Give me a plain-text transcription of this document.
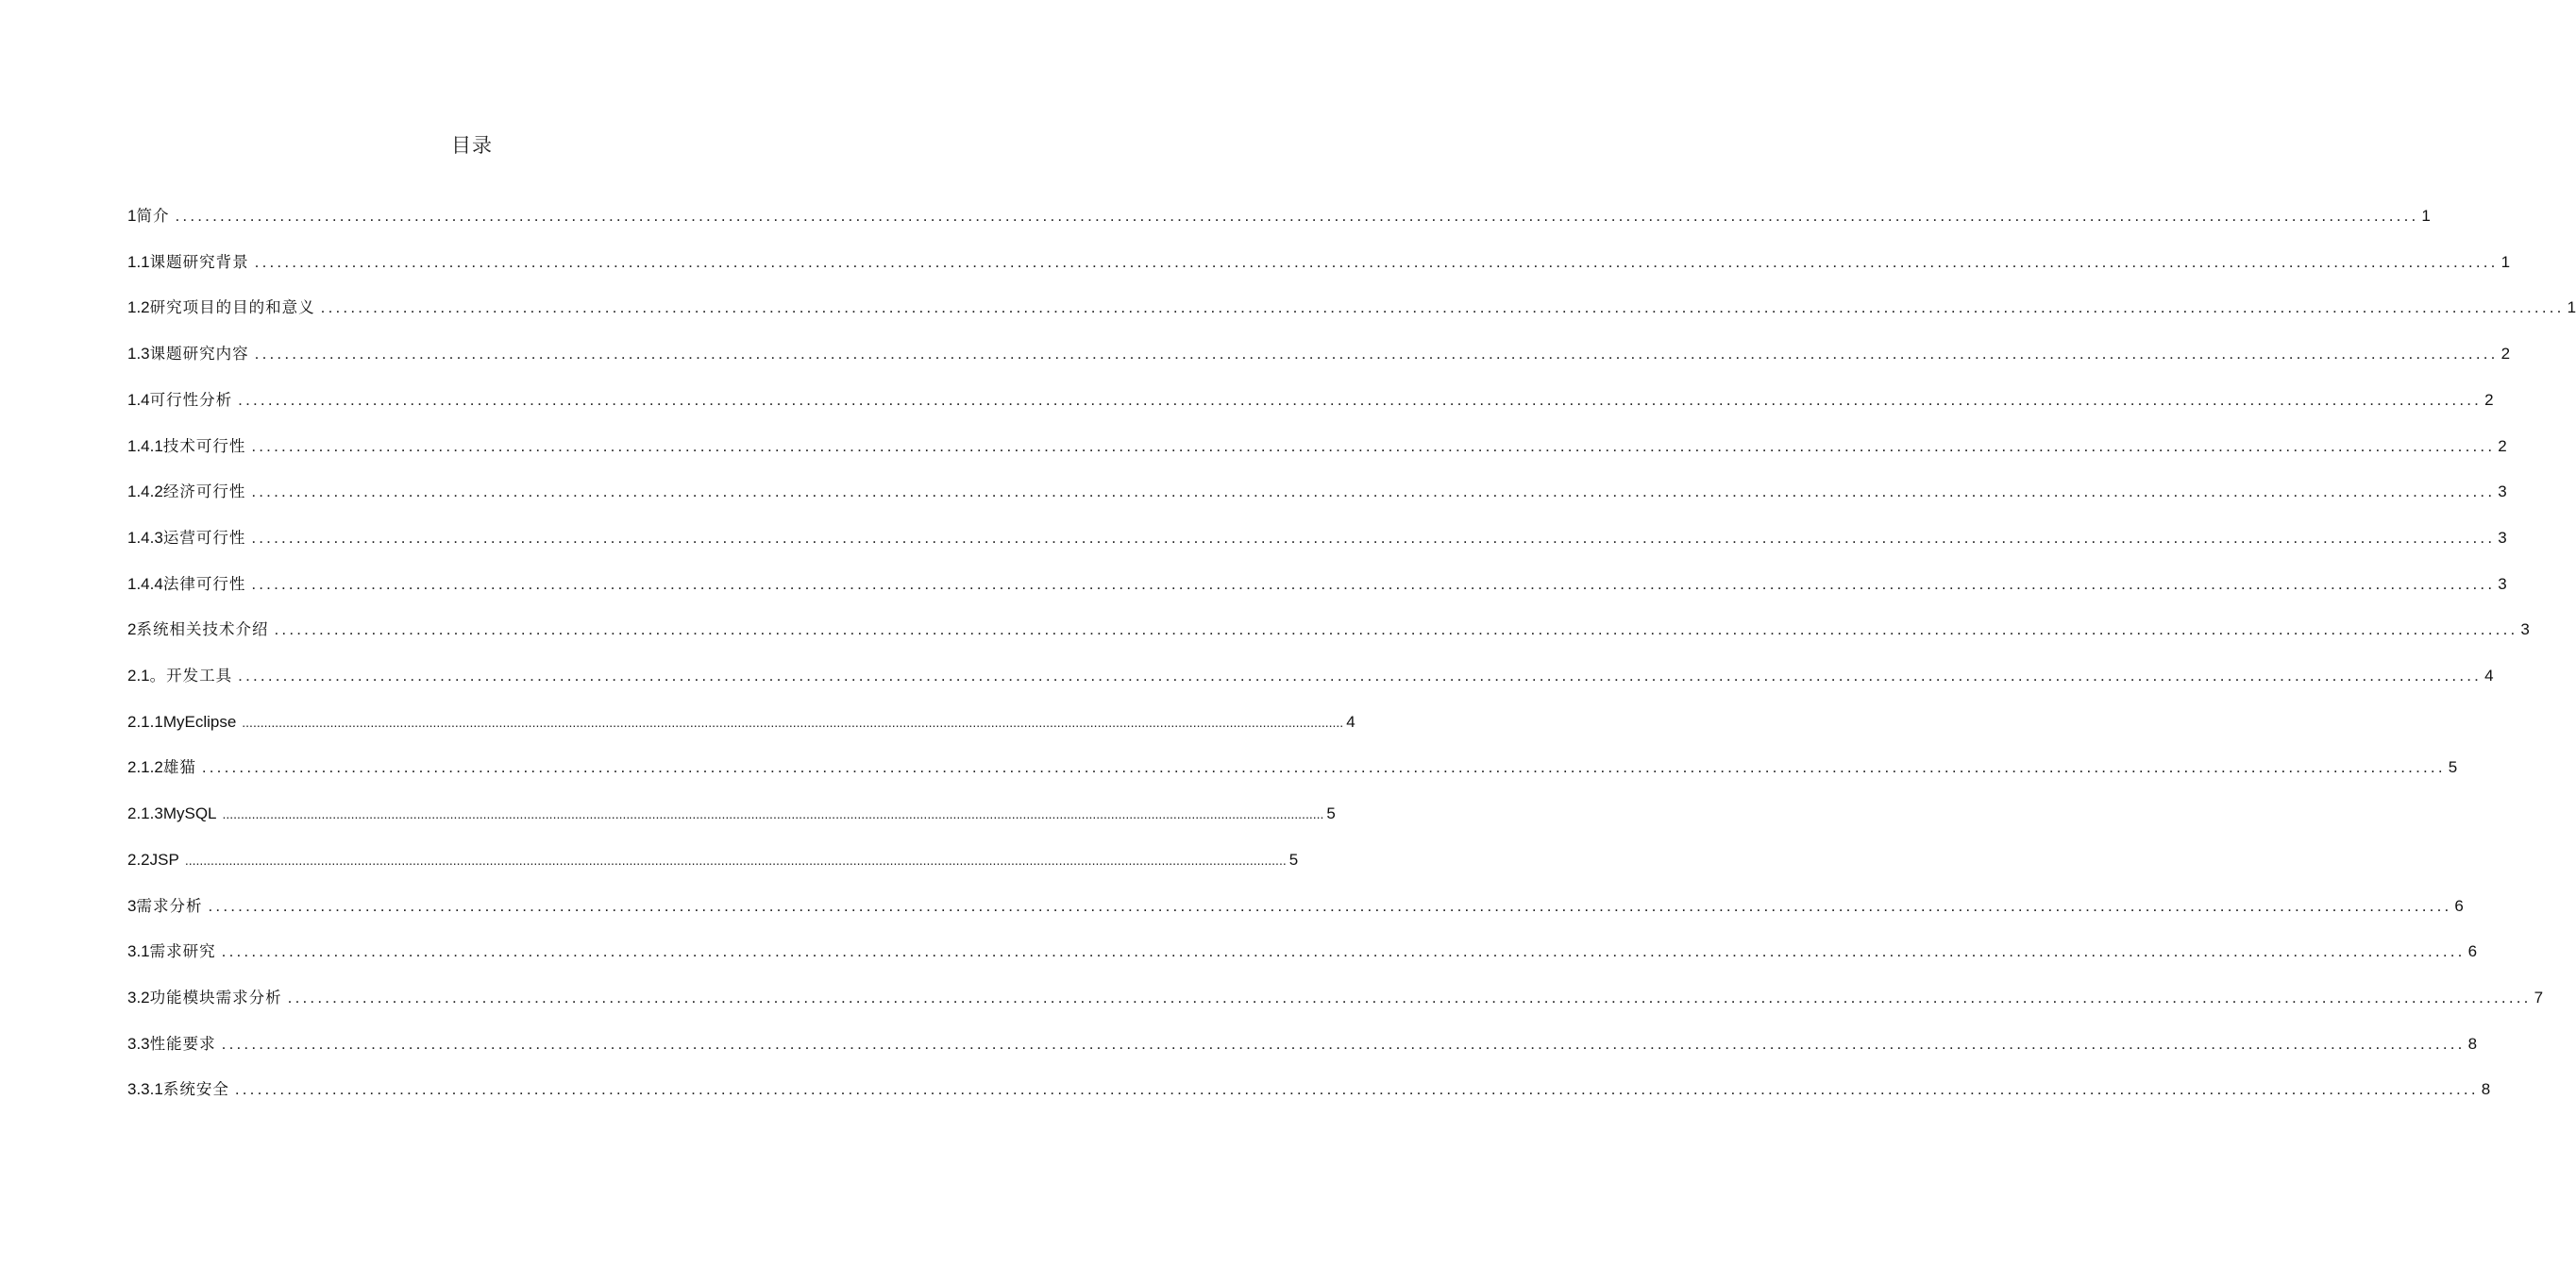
目录
1 简介 ............................................................................................................................................................................................................................................................................................................ 1
1.1 课题研究背景 ............................................................................................................................................................................................................................................................................................................ 1
1.2 研究项目的目的和意义 ............................................................................................................................................................................................................................................................................................................ 1
1.3 课题研究内容 ............................................................................................................................................................................................................................................................................................................ 2
1.4 可行性分析 ............................................................................................................................................................................................................................................................................................................ 2
1.4.1 技术可行性 ............................................................................................................................................................................................................................................................................................................ 2
1.4.2 经济可行性 ............................................................................................................................................................................................................................................................................................................ 3
1.4.3 运营可行性 ............................................................................................................................................................................................................................................................................................................ 3
1.4.4 法律可行性 ............................................................................................................................................................................................................................................................................................................ 3
2 系统相关技术介绍 ............................................................................................................................................................................................................................................................................................................ 3
2.1 。开发工具 ............................................................................................................................................................................................................................................................................................................ 4
2.1.1 MyEclipse ............................................................................................................................................................................................................................................................................................................ 4
2.1.2 雄猫 ............................................................................................................................................................................................................................................................................................................ 5
2.1.3 MySQL ............................................................................................................................................................................................................................................................................................................ 5
2.2 JSP ............................................................................................................................................................................................................................................................................................................ 5
3 需求分析 ............................................................................................................................................................................................................................................................................................................ 6
3.1 需求研究 ............................................................................................................................................................................................................................................................................................................ 6
3.2 功能模块需求分析 ............................................................................................................................................................................................................................................................................................................ 7
3.3 性能要求 ............................................................................................................................................................................................................................................................................................................ 8
3.3.1 系统安全 ............................................................................................................................................................................................................................................................................................................ 8
